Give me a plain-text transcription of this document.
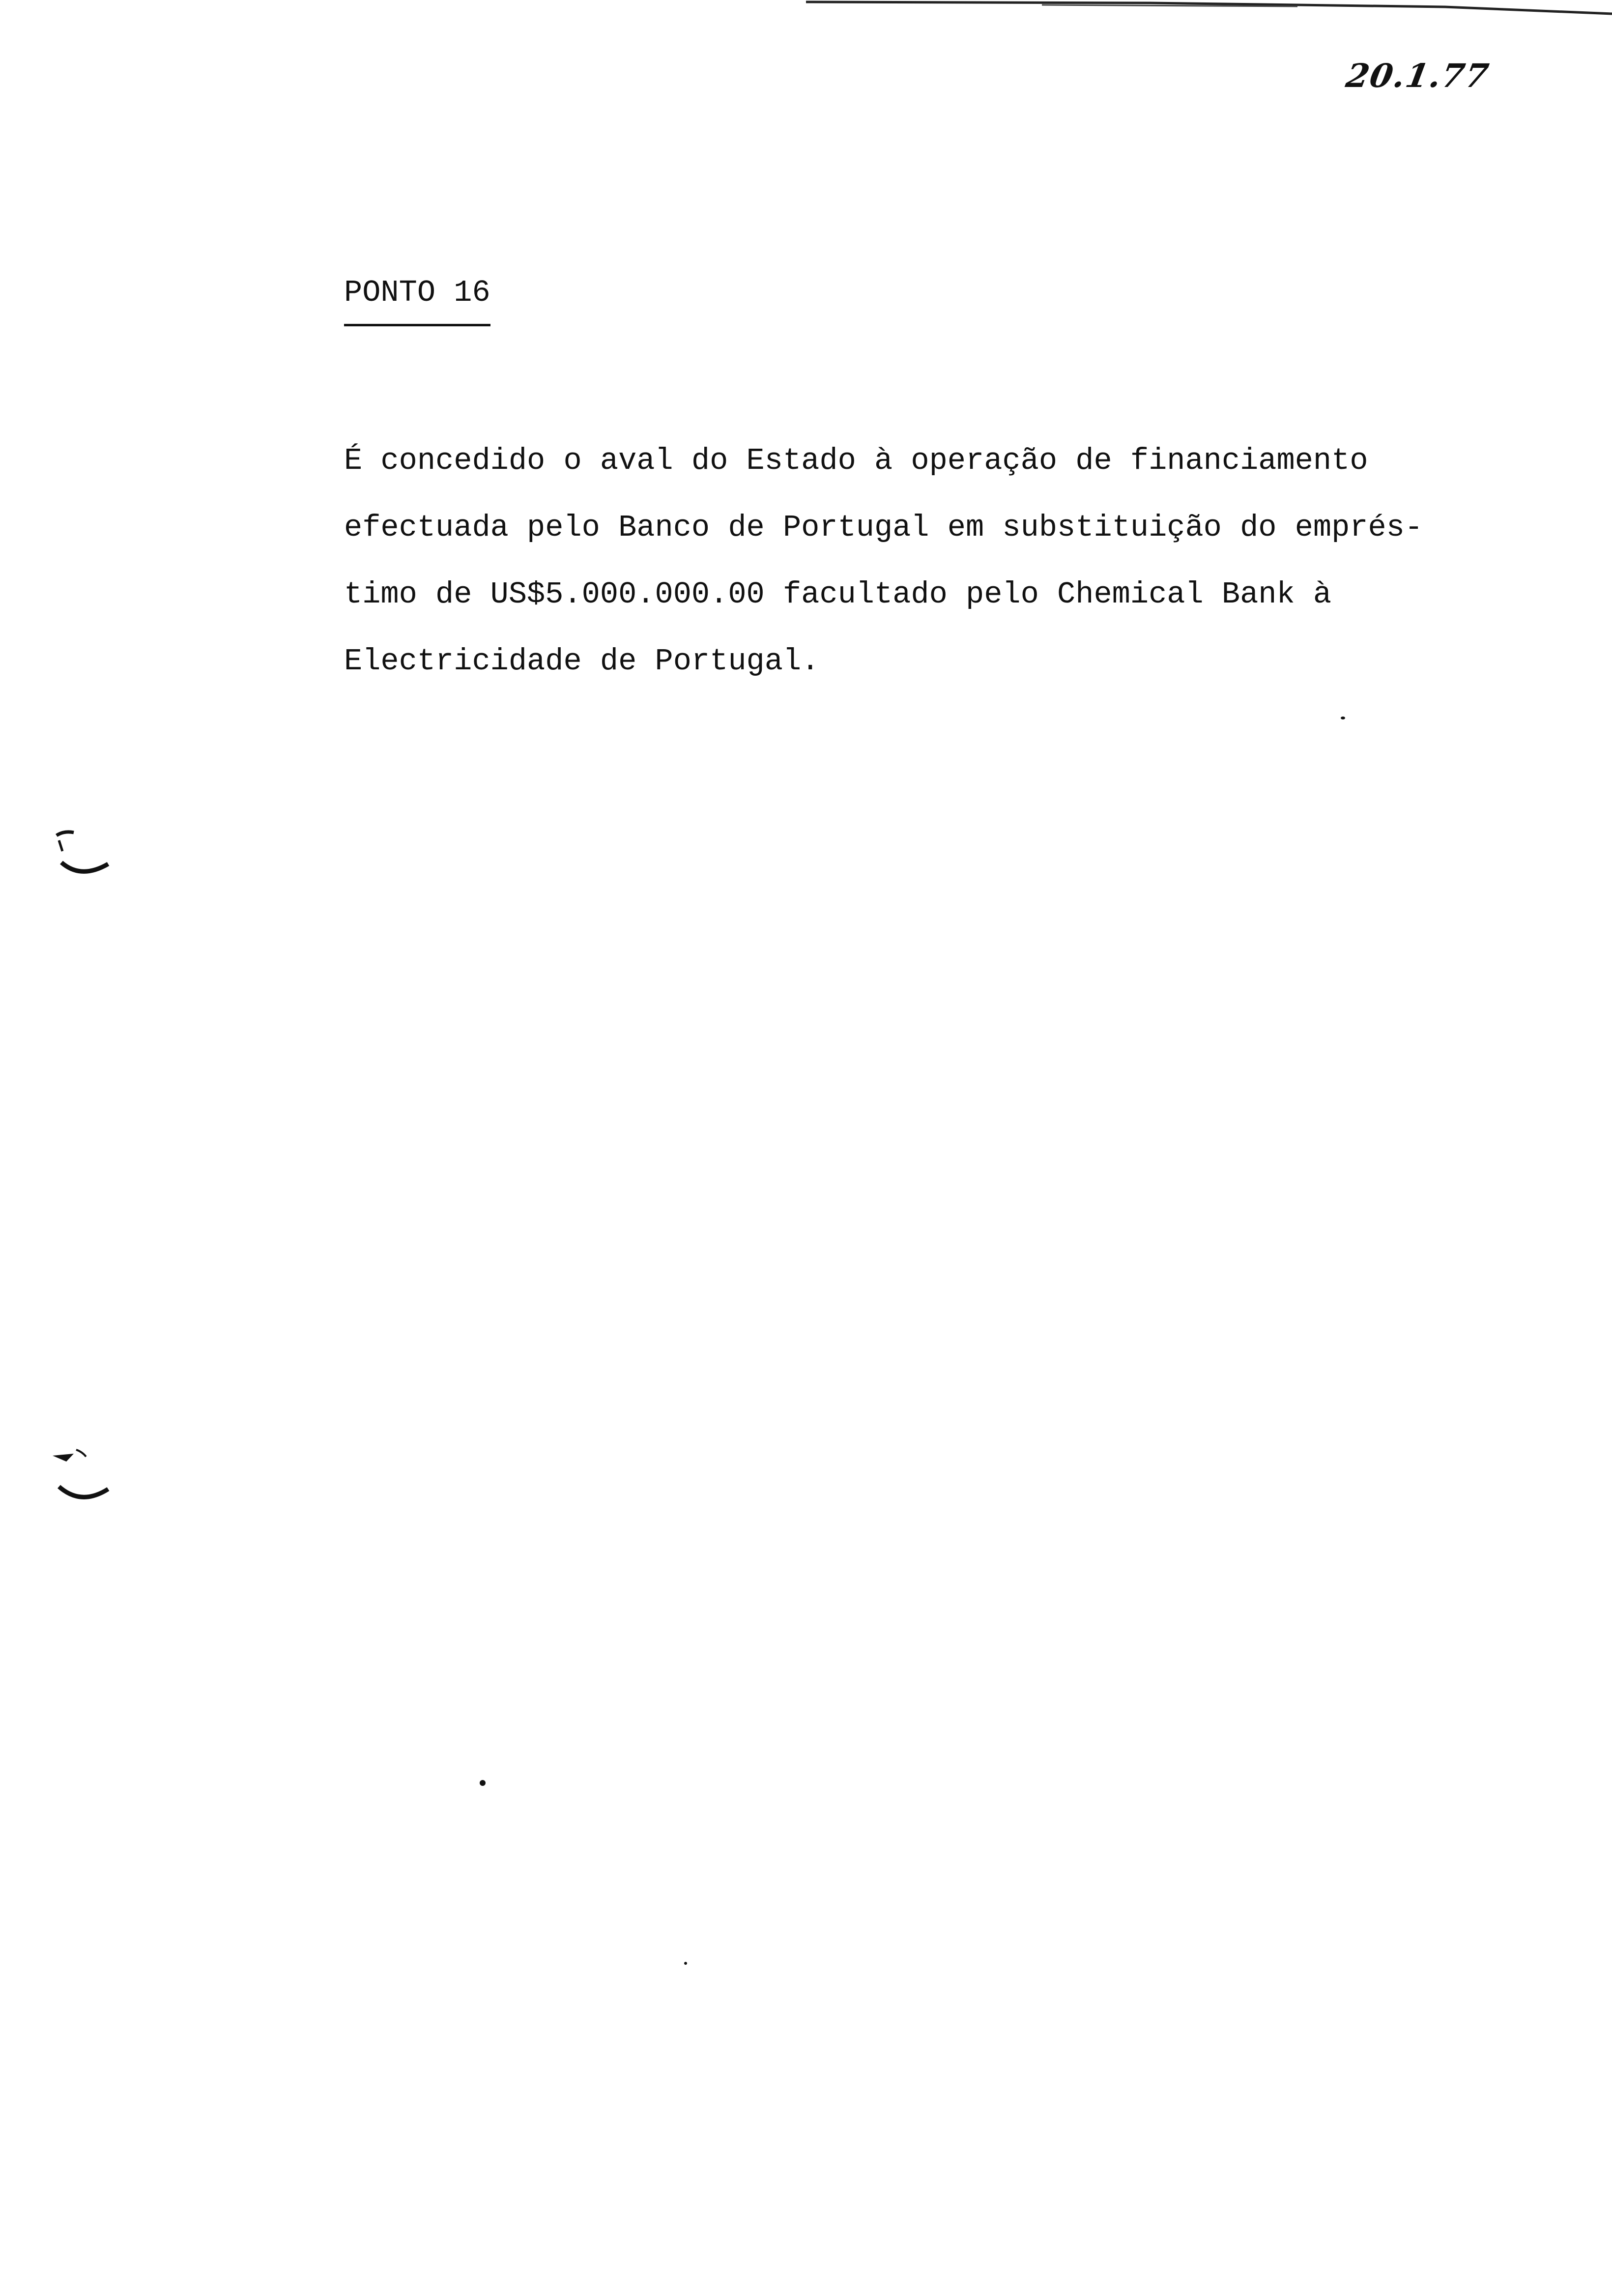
20.1.77
PONTO 16
É concedido o aval do Estado à operação de financiamento
efectuada pelo Banco de Portugal em substituição do emprés-
timo de US$5.000.000.00 facultado pelo Chemical Bank à
Electricidade de Portugal.
